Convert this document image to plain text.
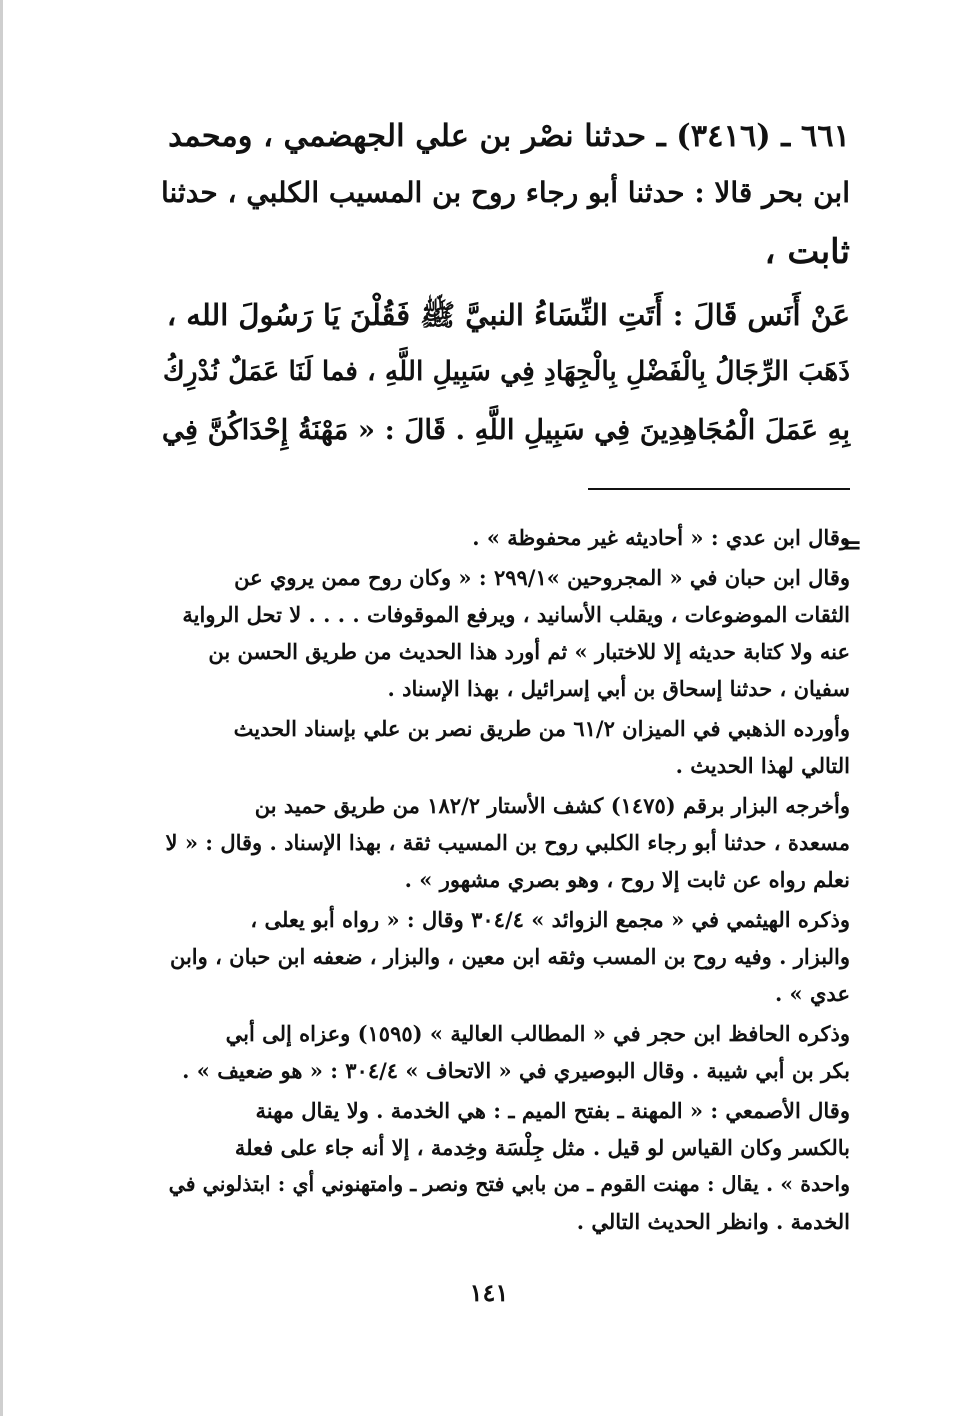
٦٦١ ـ (٣٤١٦) ـ حدثنا نصْر بن علي الجهضمي ، ومحمد
ابن بحر قالا : حدثنا أبو رجاء روح بن المسيب الكلبي ، حدثنا
ثابت ،
عَنْ أَنَس قَالَ : أَتَتِ النِّسَاءُ النبيَّ ﷺ فَقُلْنَ يَا رَسُولَ الله ،
ذَهَبَ الرِّجَالُ بِالْفَضْلِ بِالْجِهَادِ فِي سَبِيلِ اللَّهِ ، فما لَنَا عَمَلٌ نُدْرِكُ
بِهِ عَمَلَ الْمُجَاهِدِينَ فِي سَبِيلِ اللَّهِ . قَالَ : « مَهْنَةُ إِحْدَاكُنَّ فِي
=
وقال ابن عدي : « أحاديثه غير محفوظة » .
وقال ابن حبان في « المجروحين »٢٩٩/١ : « وكان روح ممن يروي عن
الثقات الموضوعات ، ويقلب الأسانيد ، ويرفع الموقوفات . . . . لا تحل الرواية
عنه ولا كتابة حديثه إلا للاختبار » ثم أورد هذا الحديث من طريق الحسن بن
سفيان ، حدثنا إسحاق بن أبي إسرائيل ، بهذا الإسناد .
وأورده الذهبي في الميزان ٦١/٢ من طريق نصر بن علي بإسناد الحديث
التالي لهذا الحديث .
وأخرجه البزار برقم (١٤٧٥) كشف الأستار ١٨٢/٢ من طريق حميد بن
مسعدة ، حدثنا أبو رجاء الكلبي روح بن المسيب ثقة ، بهذا الإسناد . وقال : « لا
نعلم رواه عن ثابت إلا روح ، وهو بصري مشهور » .
وذكره الهيثمي في « مجمع الزوائد » ٣٠٤/٤ وقال : « رواه أبو يعلى ،
والبزار . وفيه روح بن المسب وثقه ابن معين ، والبزار ، ضعفه ابن حبان ، وابن
عدي » .
وذكره الحافظ ابن حجر في « المطالب العالية » (١٥٩٥) وعزاه إلى أبي
بكر بن أبي شيبة . وقال البوصيري في « الاتحاف » ٣٠٤/٤ : « هو ضعيف » .
وقال الأصمعي : « المهنة ـ بفتح الميم ـ : هي الخدمة . ولا يقال مهنة
بالكسر وكان القياس لو قيل . مثل جِلْسَة وخِدمة ، إلا أنه جاء على فعلة
واحدة » . يقال : مهنت القوم ـ من بابي فتح ونصر ـ وامتهنوني أي : ابتذلوني في
الخدمة . وانظر الحديث التالي .
١٤١
